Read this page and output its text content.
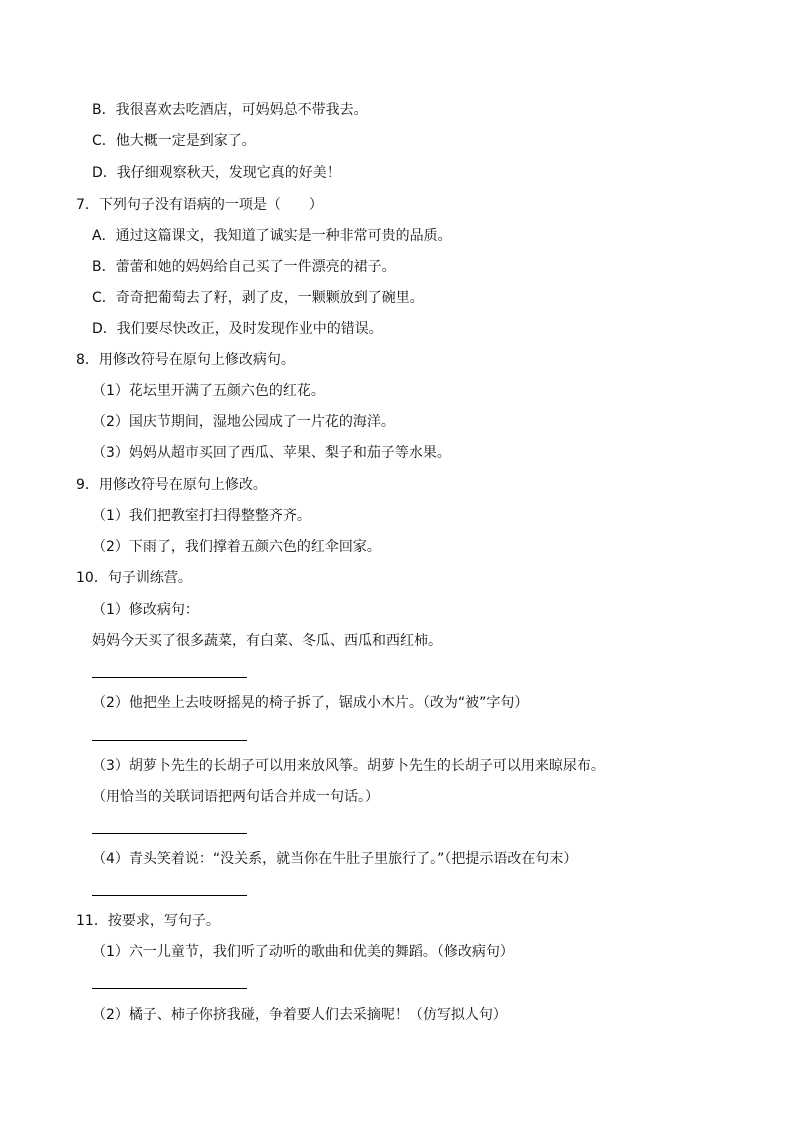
B．我很喜欢去吃酒店，可妈妈总不带我去。
C．他大概一定是到家了。
D．我仔细观察秋天，发现它真的好美！
7．下列句子没有语病的一项是（　　）
A．通过这篇课文，我知道了诚实是一种非常可贵的品质。
B．蕾蕾和她的妈妈给自己买了一件漂亮的裙子。
C．奇奇把葡萄去了籽，剥了皮，一颗颗放到了碗里。
D．我们要尽快改正，及时发现作业中的错误。
8．用修改符号在原句上修改病句。
（1）花坛里开满了五颜六色的红花。
（2）国庆节期间，湿地公园成了一片花的海洋。
（3）妈妈从超市买回了西瓜、苹果、梨子和茄子等水果。
9．用修改符号在原句上修改。
（1）我们把教室打扫得整整齐齐。
（2）下雨了，我们撑着五颜六色的红伞回家。
10．句子训练营。
（1）修改病句：
妈妈今天买了很多蔬菜，有白菜、冬瓜、西瓜和西红柿。
（2）他把坐上去吱呀摇晃的椅子拆了，锯成小木片。（改为“被”字句）
（3）胡萝卜先生的长胡子可以用来放风筝。胡萝卜先生的长胡子可以用来晾尿布。
（用恰当的关联词语把两句话合并成一句话。）
（4）青头笑着说：“没关系，就当你在牛肚子里旅行了。”（把提示语改在句末）
11．按要求，写句子。
（1）六一儿童节，我们听了动听的歌曲和优美的舞蹈。（修改病句）
（2）橘子、柿子你挤我碰，争着要人们去采摘呢！（仿写拟人句）
